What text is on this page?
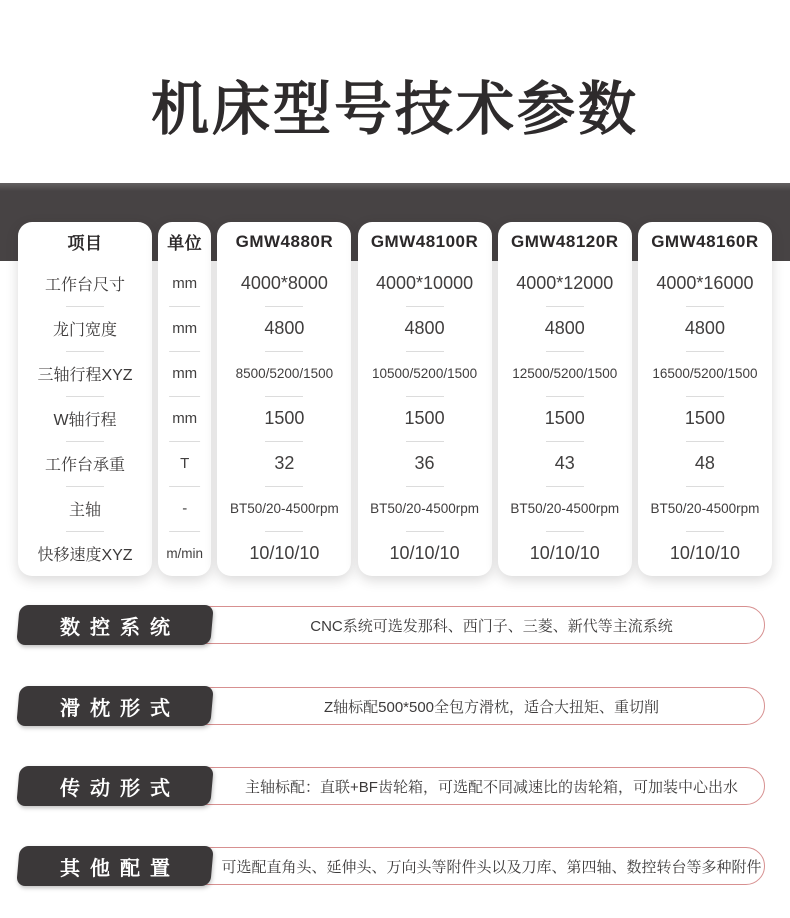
机床型号技术参数
项目
工作台尺寸
龙门宽度
三轴行程XYZ
W轴行程
工作台承重
主轴
快移速度XYZ
单位
mm
mm
mm
mm
T
-
m/min
GMW4880R
4000*8000
4800
8500/5200/1500
1500
32
BT50/20-4500rpm
10/10/10
GMW48100R
4000*10000
4800
10500/5200/1500
1500
36
BT50/20-4500rpm
10/10/10
GMW48120R
4000*12000
4800
12500/5200/1500
1500
43
BT50/20-4500rpm
10/10/10
GMW48160R
4000*16000
4800
16500/5200/1500
1500
48
BT50/20-4500rpm
10/10/10
CNC系统可选发那科、西门子、三菱、新代等主流系统
数控系统
Z轴标配500*500全包方滑枕，适合大扭矩、重切削
滑枕形式
主轴标配：直联+BF齿轮箱，可选配不同减速比的齿轮箱，可加装中心出水
传动形式
可选配直角头、延伸头、万向头等附件头以及刀库、第四轴、数控转台等多种附件
其他配置
